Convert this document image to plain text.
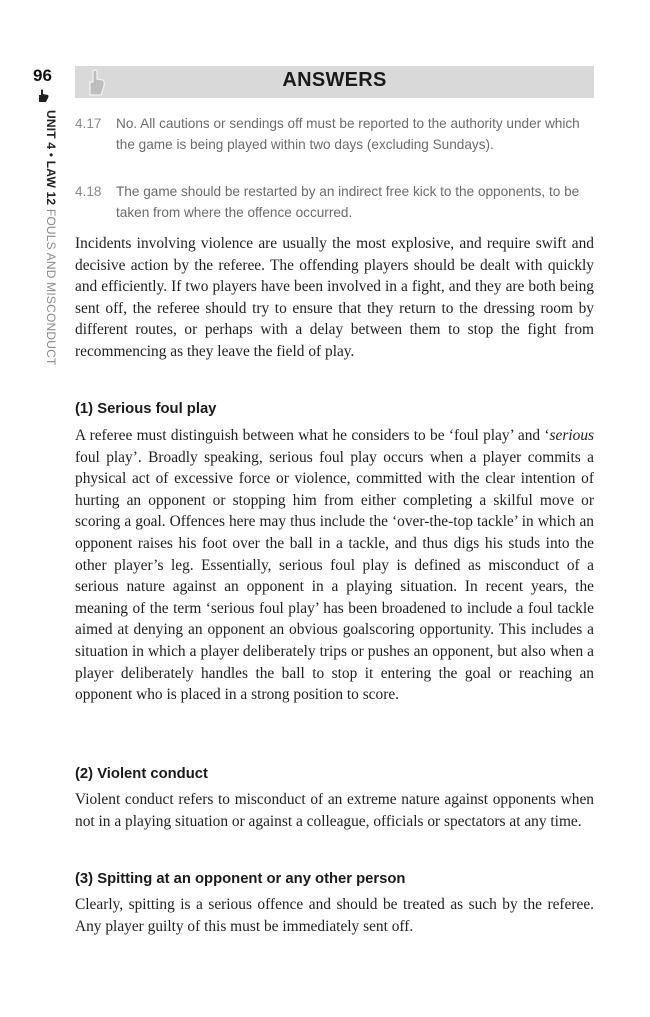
96
UNIT 4 • LAW 12 FOULS AND MISCONDUCT
ANSWERS
4.17 No. All cautions or sendings off must be reported to the authority under which the game is being played within two days (excluding Sundays).
4.18 The game should be restarted by an indirect free kick to the opponents, to be taken from where the offence occurred.

Incidents involving violence are usually the most explosive, and require swift and decisive action by the referee. The offending players should be dealt with quickly and efficiently. If two players have been involved in a fight, and they are both being sent off, the referee should try to ensure that they return to the dressing room by different routes, or perhaps with a delay between them to stop the fight from recommencing as they leave the field of play.

(1) Serious foul play

A referee must distinguish between what he considers to be ‘foul play’ and ‘serious foul play’. Broadly speaking, serious foul play occurs when a player commits a physical act of excessive force or violence, committed with the clear intention of hurting an opponent or stopping him from either completing a skilful move or scoring a goal. Offences here may thus include the ‘over-the-top tackle’ in which an opponent raises his foot over the ball in a tackle, and thus digs his studs into the other player’s leg. Essentially, serious foul play is defined as misconduct of a serious nature against an opponent in a playing situation. In recent years, the meaning of the term ‘serious foul play’ has been broadened to include a foul tackle aimed at denying an opponent an obvious goalscoring opportunity. This includes a situation in which a player deliberately trips or pushes an opponent, but also when a player deliberately handles the ball to stop it entering the goal or reaching an opponent who is placed in a strong position to score.

(2) Violent conduct

Violent conduct refers to misconduct of an extreme nature against opponents when not in a playing situation or against a colleague, officials or spectators at any time.

(3) Spitting at an opponent or any other person

Clearly, spitting is a serious offence and should be treated as such by the referee. Any player guilty of this must be immediately sent off.
